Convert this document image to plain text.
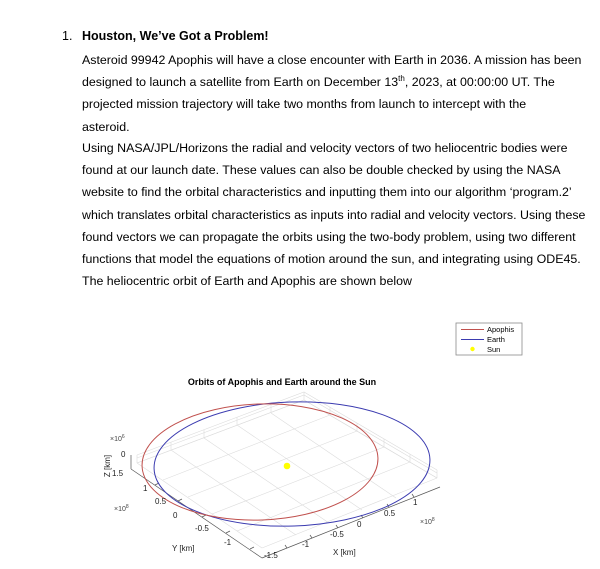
1. Houston, We’ve Got a Problem!
Asteroid 99942 Apophis will have a close encounter with Earth in 2036. A mission has been
designed to launch a satellite from Earth on December 13th, 2023, at 00:00:00 UT. The
projected mission trajectory will take two months from launch to intercept with the
asteroid.
Using NASA/JPL/Horizons the radial and velocity vectors of two heliocentric bodies were
found at our launch date. These values can also be double checked by using the NASA
website to find the orbital characteristics and inputting them into our algorithm ‘program.2’
which translates orbital characteristics as inputs into radial and velocity vectors. Using these
found vectors we can propagate the orbits using the two-body problem, using two different
functions that model the equations of motion around the sun, and integrating using ODE45.
The heliocentric orbit of Earth and Apophis are shown below
Apophis
Earth
Sun
Orbits of Apophis and Earth around the Sun
$\times 10^6$
0
1.5
Z [km]
1
0.5
0
-0.5
-1
$\times 10^8$
Y [km]
-1.5
-1
-0.5
0
0.5
1
$\times 10^8$
X [km]
